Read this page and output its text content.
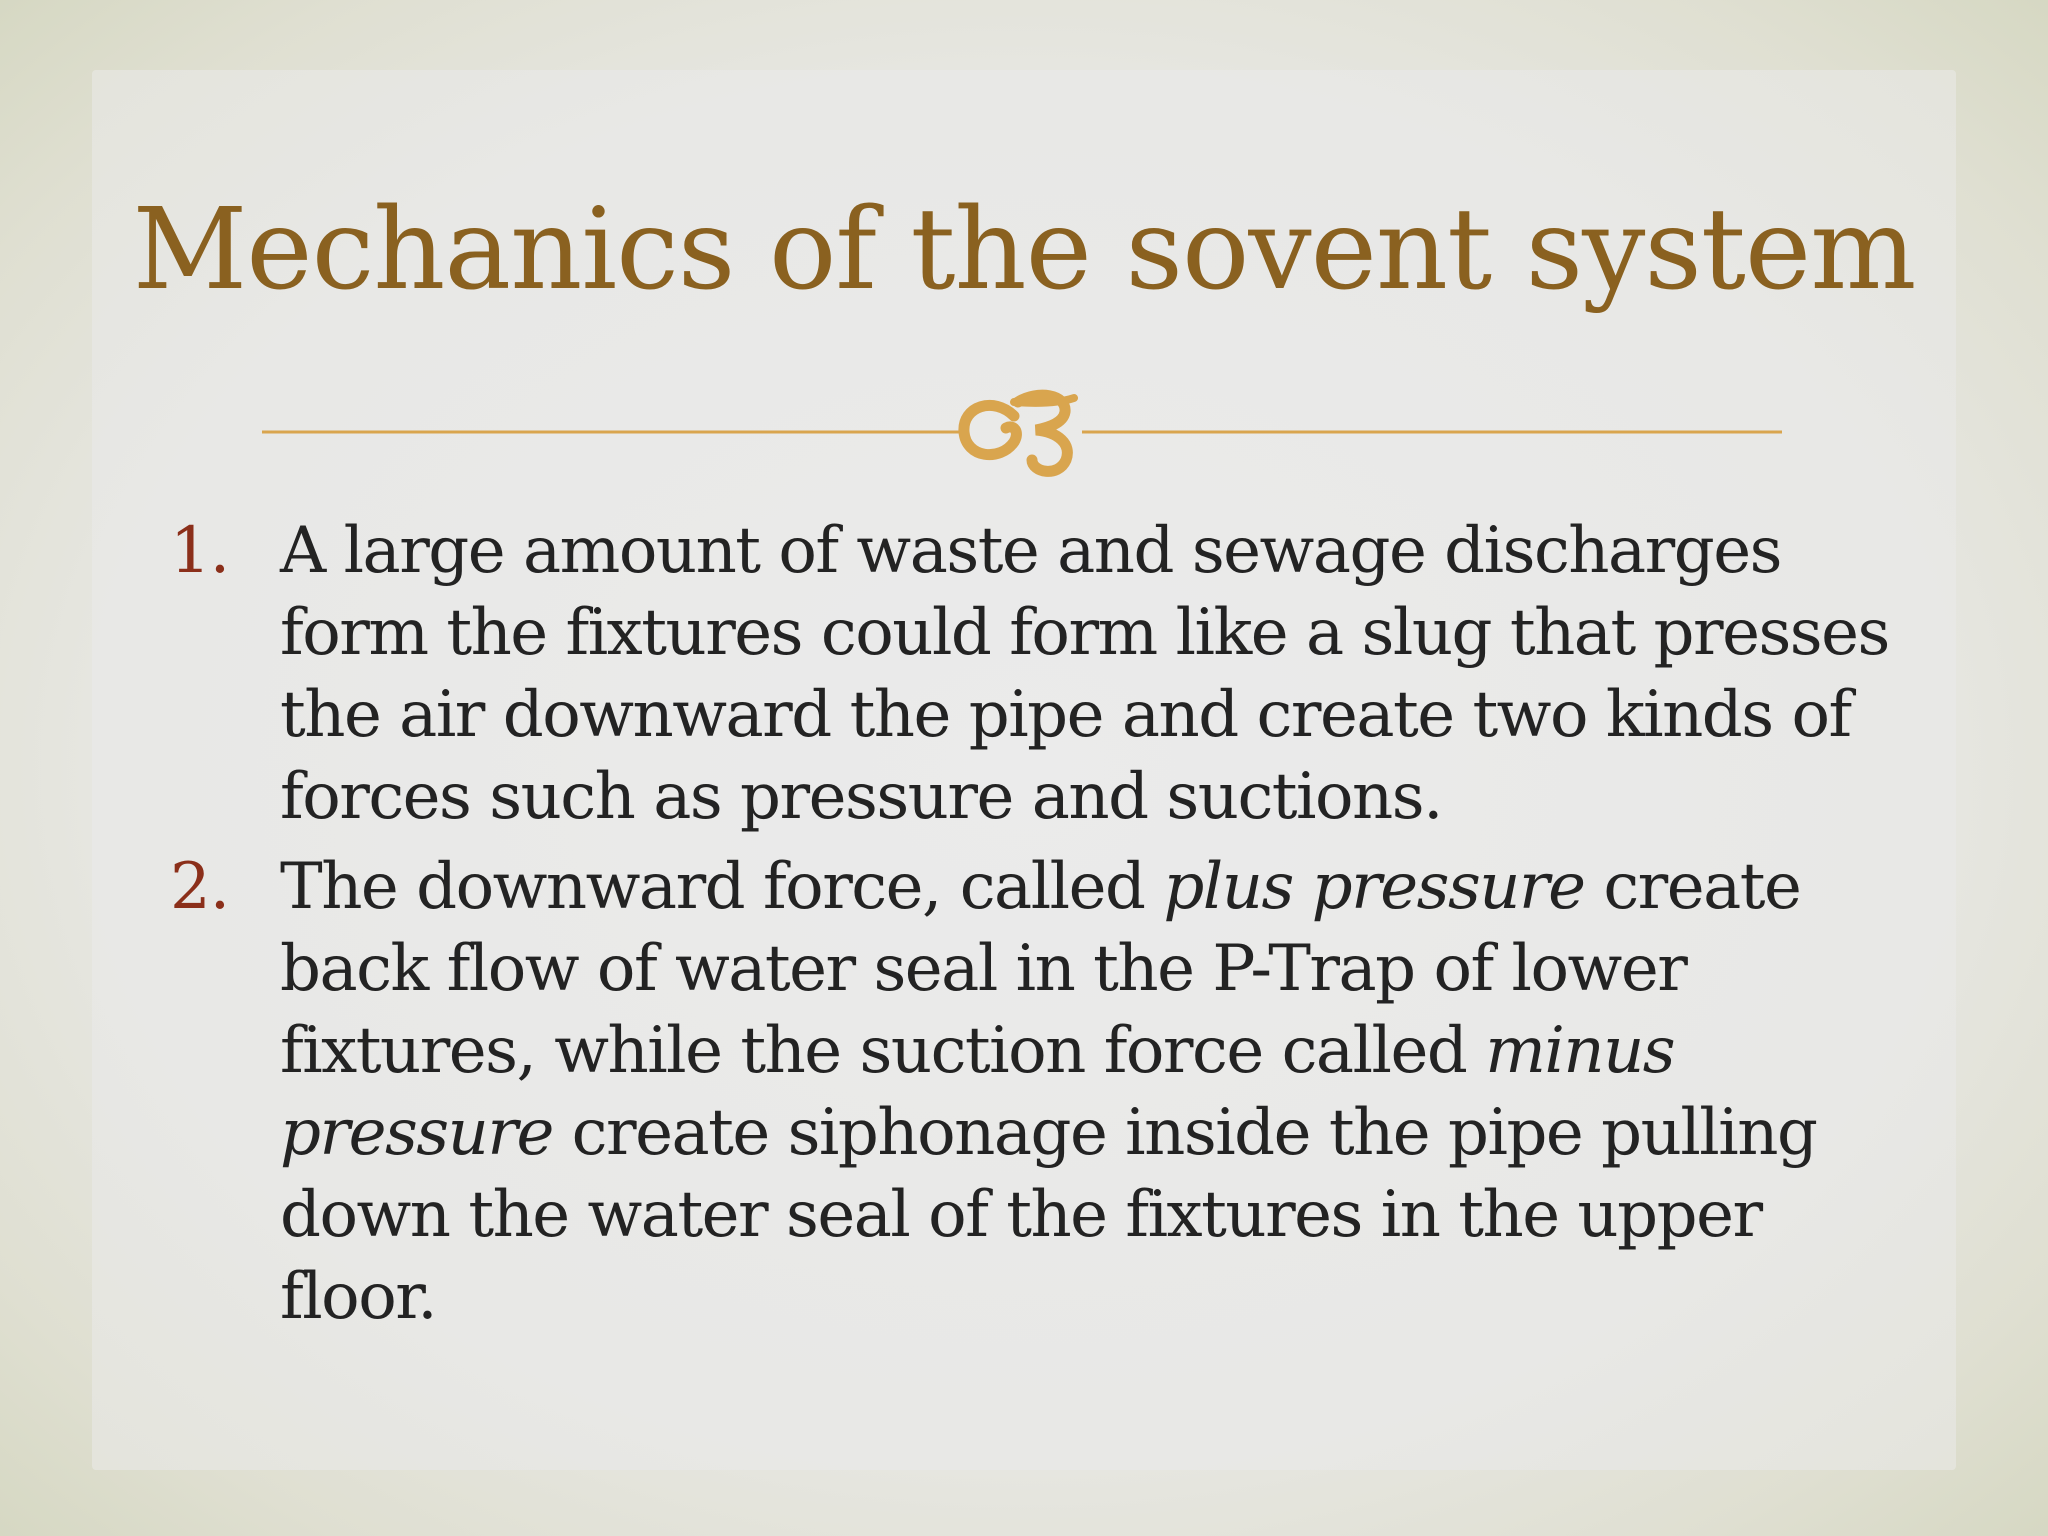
Mechanics of the sovent system
1. A large amount of waste and sewage discharges form the fixtures could form like a slug that presses the air downward the pipe and create two kinds of forces such as pressure and suctions.
2. The downward force, called plus pressure create back flow of water seal in the P-Trap of lower fixtures, while the suction force called minus pressure create siphonage inside the pipe pulling down the water seal of the fixtures in the upper floor.
